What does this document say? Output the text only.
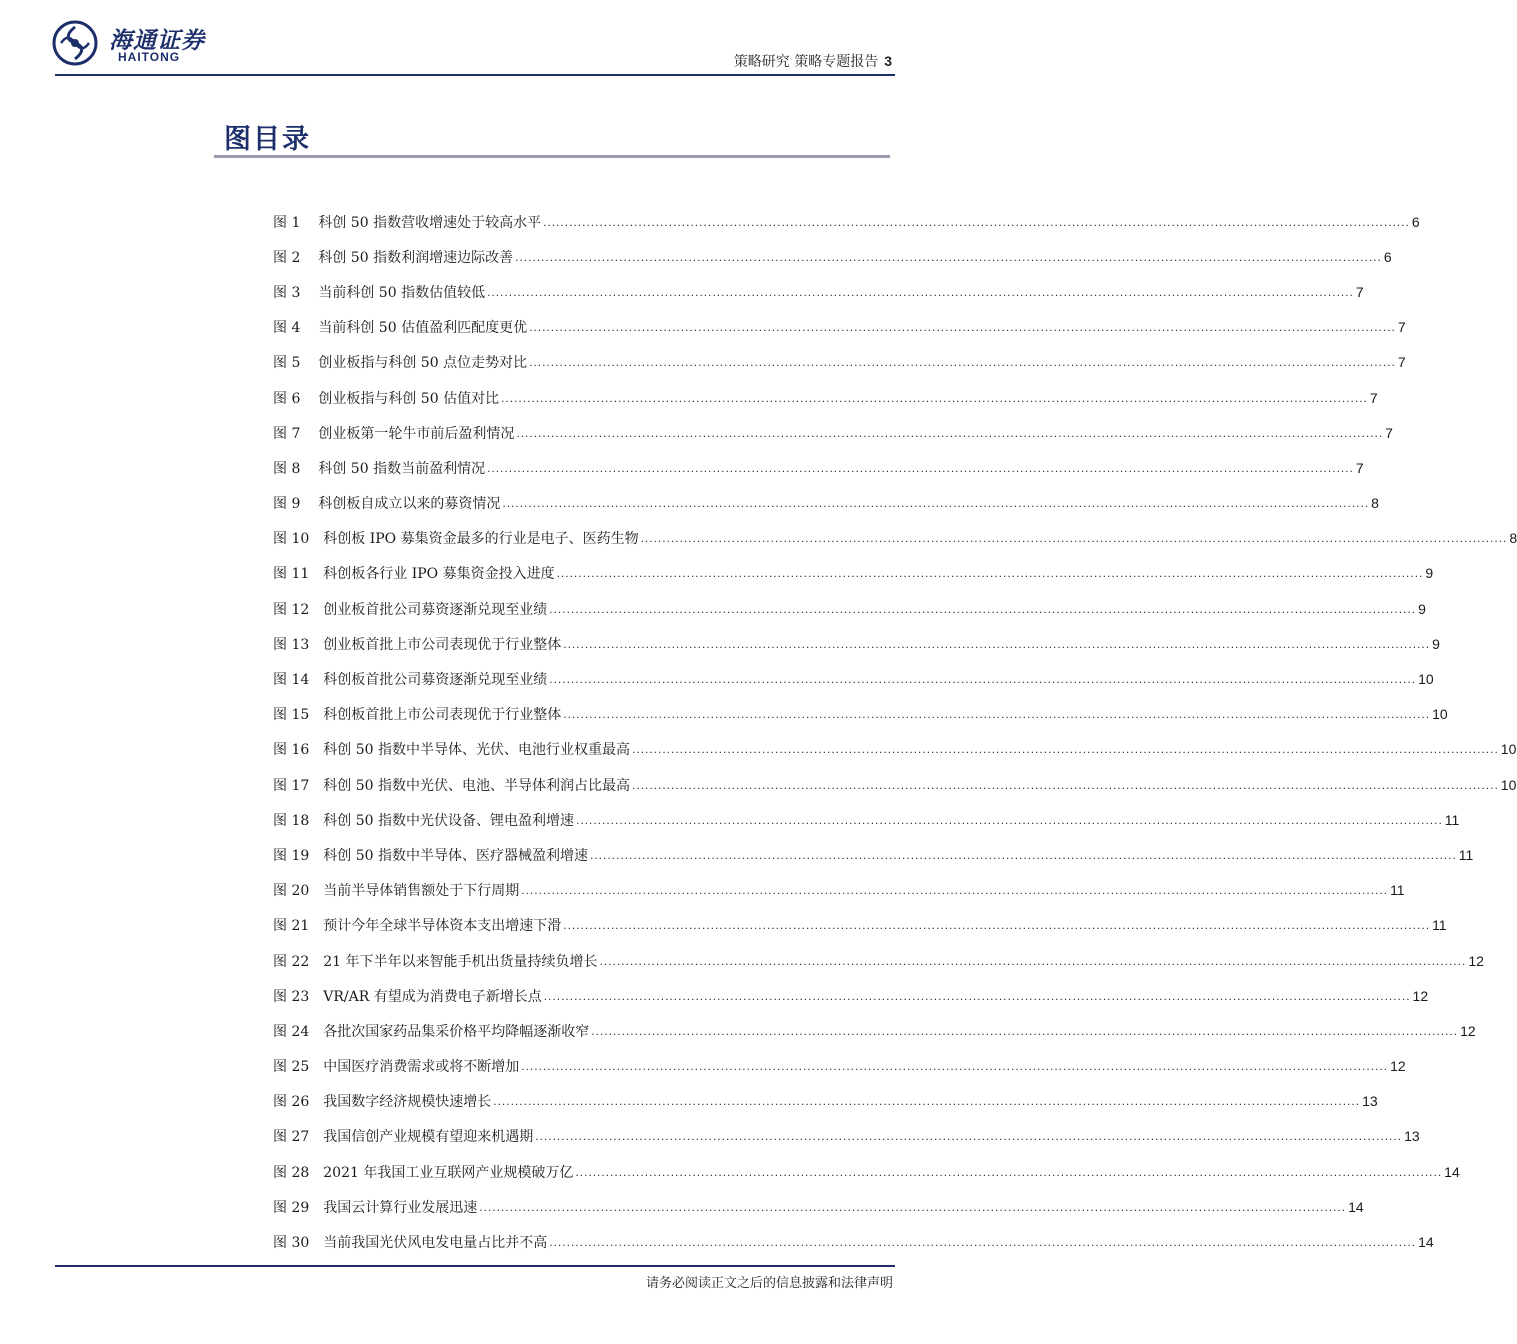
海通证券
HAITONG	策略研究 策略专题报告 3
图目录
图 1	科创 50 指数营收增速处于较高水平 ........................................................................................................................................................................................................ 6
图 2	科创 50 指数利润增速边际改善 ........................................................................................................................................................................................................ 6
图 3	当前科创 50 指数估值较低 ........................................................................................................................................................................................................ 7
图 4	当前科创 50 估值盈利匹配度更优 ........................................................................................................................................................................................................ 7
图 5	创业板指与科创 50 点位走势对比 ........................................................................................................................................................................................................ 7
图 6	创业板指与科创 50 估值对比 ........................................................................................................................................................................................................ 7
图 7	创业板第一轮牛市前后盈利情况 ........................................................................................................................................................................................................ 7
图 8	科创 50 指数当前盈利情况 ........................................................................................................................................................................................................ 7
图 9	科创板自成立以来的募资情况 ........................................................................................................................................................................................................ 8
图 10	科创板 IPO 募集资金最多的行业是电子、医药生物 ........................................................................................................................................................................................................ 8
图 11	科创板各行业 IPO 募集资金投入进度 ........................................................................................................................................................................................................ 9
图 12	创业板首批公司募资逐渐兑现至业绩 ........................................................................................................................................................................................................ 9
图 13	创业板首批上市公司表现优于行业整体 ........................................................................................................................................................................................................ 9
图 14	科创板首批公司募资逐渐兑现至业绩 ........................................................................................................................................................................................................ 10
图 15	科创板首批上市公司表现优于行业整体 ........................................................................................................................................................................................................ 10
图 16	科创 50 指数中半导体、光伏、电池行业权重最高 ........................................................................................................................................................................................................ 10
图 17	科创 50 指数中光伏、电池、半导体利润占比最高 ........................................................................................................................................................................................................ 10
图 18	科创 50 指数中光伏设备、锂电盈利增速 ........................................................................................................................................................................................................ 11
图 19	科创 50 指数中半导体、医疗器械盈利增速 ........................................................................................................................................................................................................ 11
图 20	当前半导体销售额处于下行周期 ........................................................................................................................................................................................................ 11
图 21	预计今年全球半导体资本支出增速下滑 ........................................................................................................................................................................................................ 11
图 22	21 年下半年以来智能手机出货量持续负增长 ........................................................................................................................................................................................................ 12
图 23	VR/AR 有望成为消费电子新增长点 ........................................................................................................................................................................................................ 12
图 24	各批次国家药品集采价格平均降幅逐渐收窄 ........................................................................................................................................................................................................ 12
图 25	中国医疗消费需求或将不断增加 ........................................................................................................................................................................................................ 12
图 26	我国数字经济规模快速增长 ........................................................................................................................................................................................................ 13
图 27	我国信创产业规模有望迎来机遇期 ........................................................................................................................................................................................................ 13
图 28	2021 年我国工业互联网产业规模破万亿 ........................................................................................................................................................................................................ 14
图 29	我国云计算行业发展迅速 ........................................................................................................................................................................................................ 14
图 30	当前我国光伏风电发电量占比并不高 ........................................................................................................................................................................................................ 14
请务必阅读正文之后的信息披露和法律声明
